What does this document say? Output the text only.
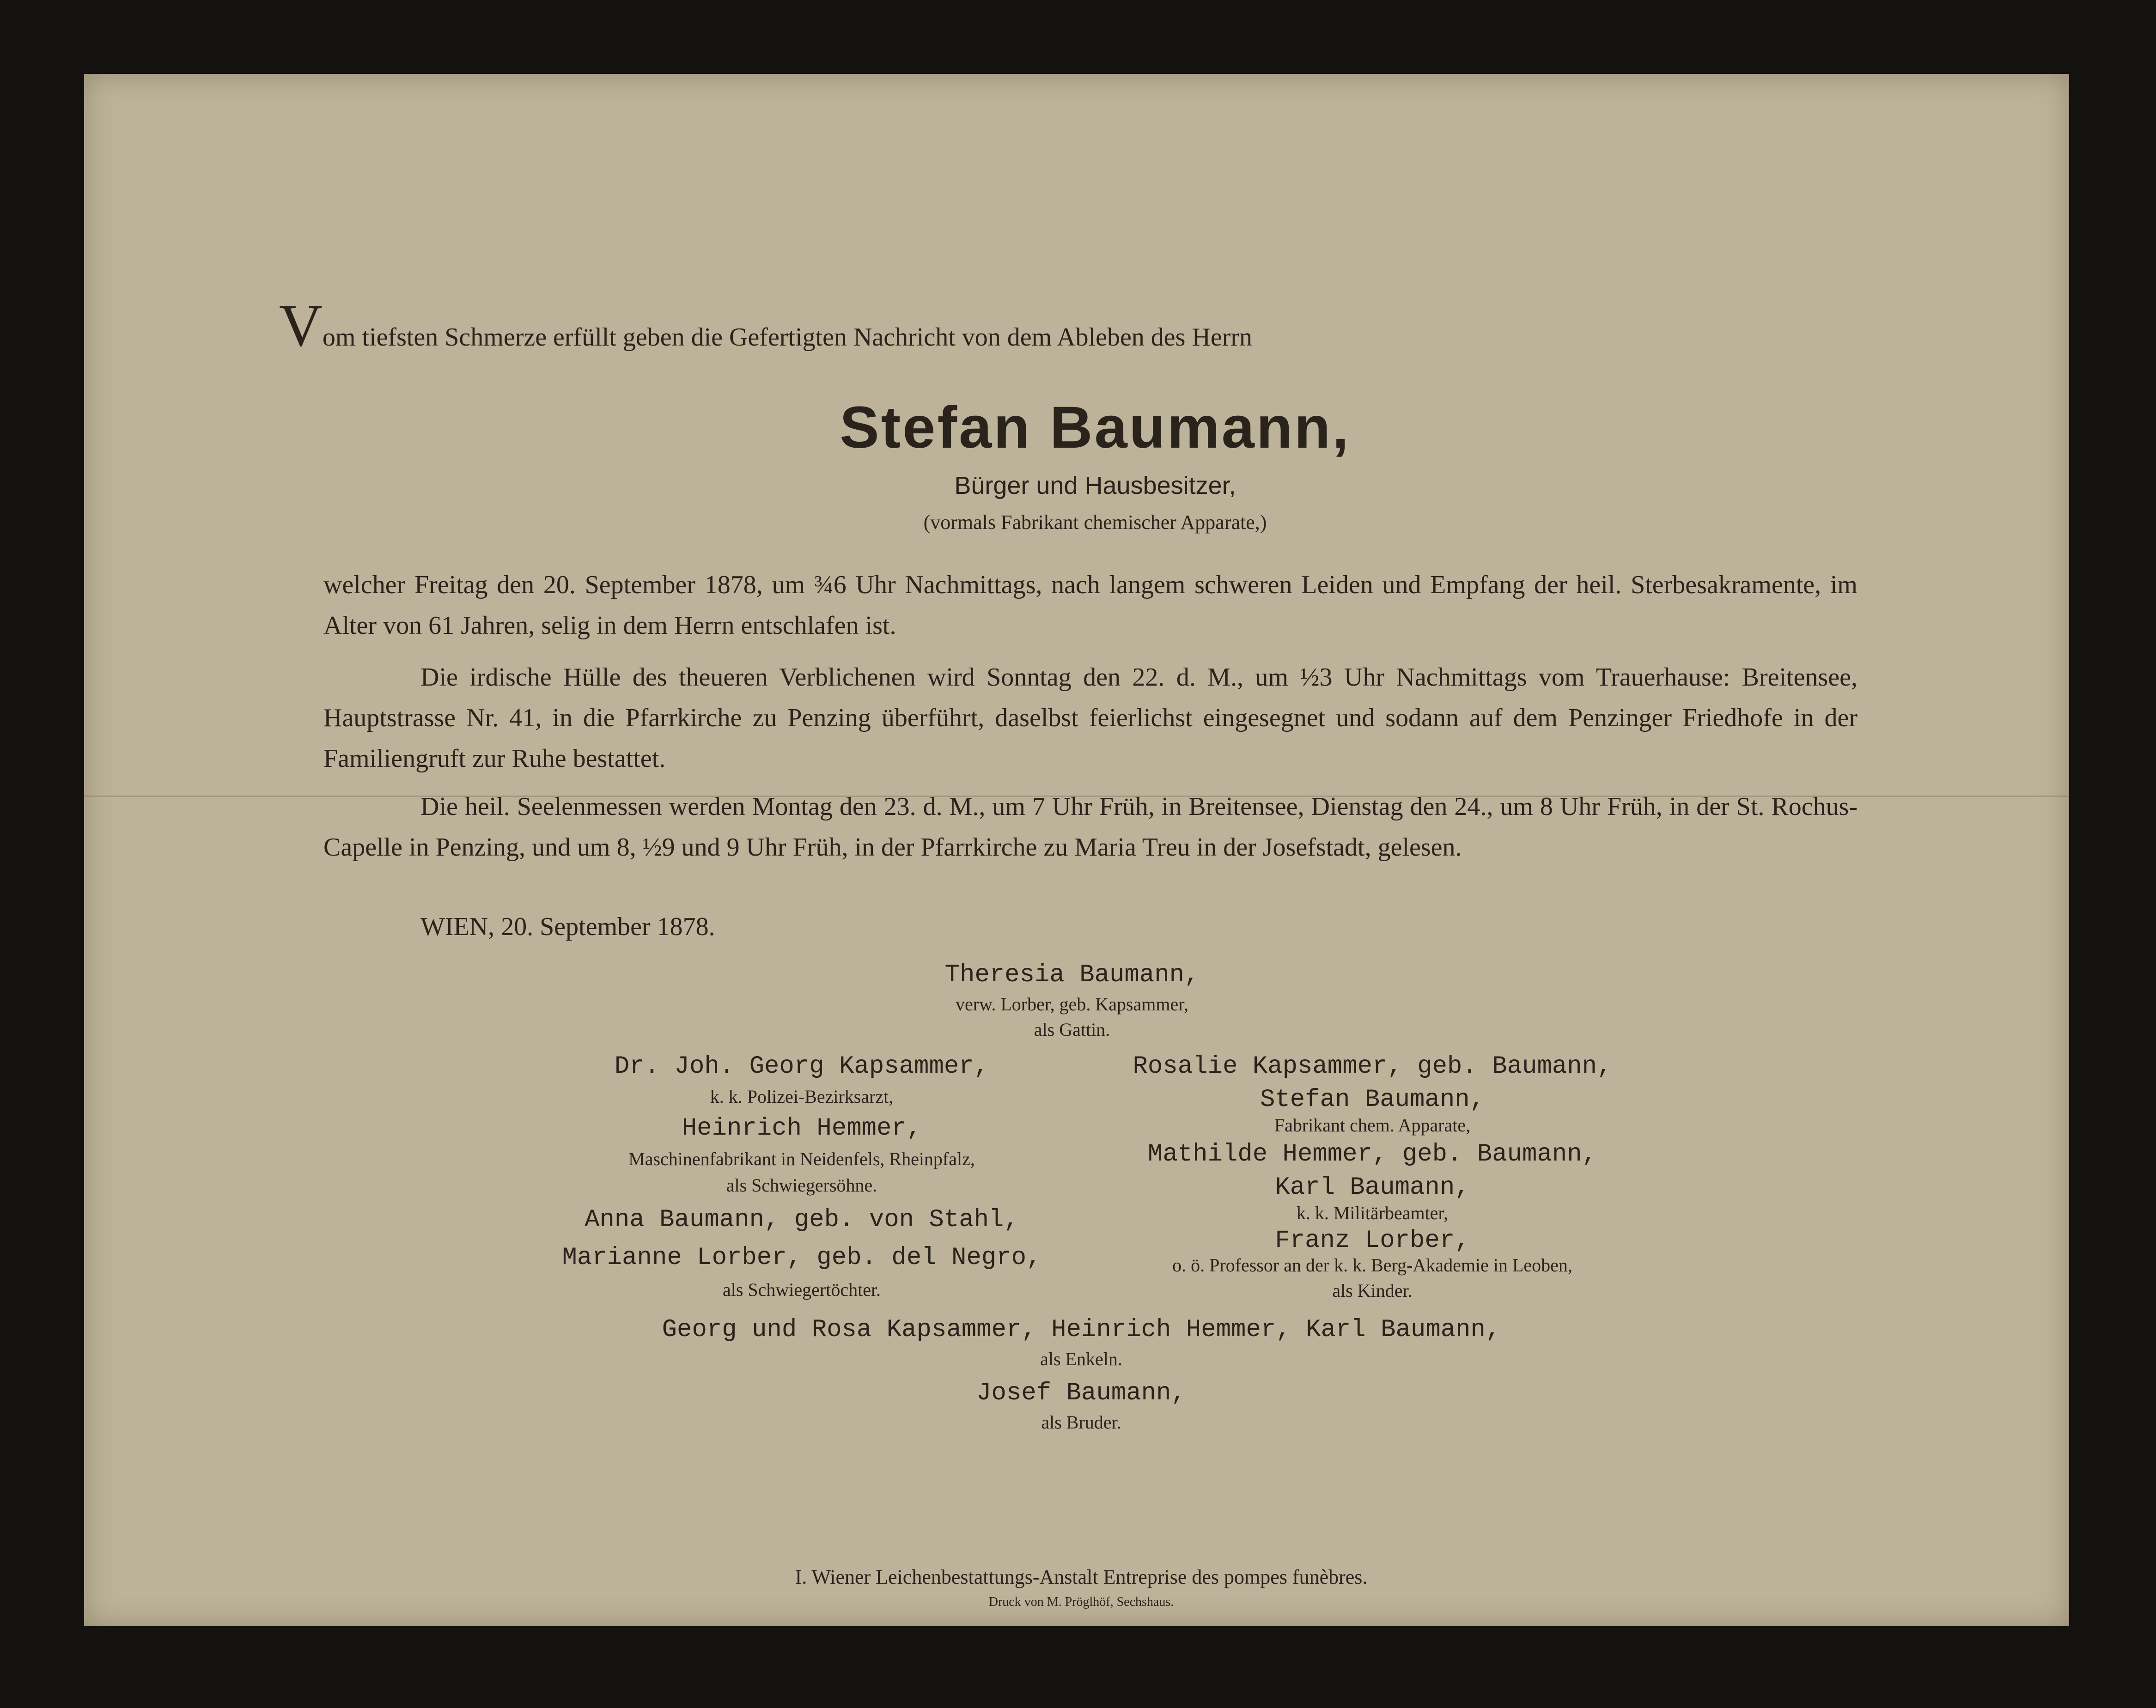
Vom tiefsten Schmerze erfüllt geben die Gefertigten Nachricht von dem Ableben des Herrn
Stefan Baumann,
Bürger und Hausbesitzer,
(vormals Fabrikant chemischer Apparate,)
welcher Freitag den 20. September 1878, um ¾6 Uhr Nachmittags, nach langem schweren Leiden und Empfang der heil. Sterbesakramente, im Alter von 61 Jahren, selig in dem Herrn entschlafen ist.
Die irdische Hülle des theueren Verblichenen wird Sonntag den 22. d. M., um ½3 Uhr Nachmittags vom Trauerhause: Breitensee, Hauptstrasse Nr. 41, in die Pfarrkirche zu Penzing überführt, daselbst feierlichst eingesegnet und sodann auf dem Penzinger Friedhofe in der Familiengruft zur Ruhe bestattet.
Die heil. Seelenmessen werden Montag den 23. d. M., um 7 Uhr Früh, in Breitensee, Dienstag den 24., um 8 Uhr Früh, in der St. Rochus-Capelle in Penzing, und um 8, ½9 und 9 Uhr Früh, in der Pfarrkirche zu Maria Treu in der Josefstadt, gelesen.
WIEN, 20. September 1878.
Theresia Baumann,
verw. Lorber, geb. Kapsammer,
als Gattin.
Dr. Joh. Georg Kapsammer,
k. k. Polizei-Bezirksarzt,
Heinrich Hemmer,
Maschinenfabrikant in Neidenfels, Rheinpfalz,
als Schwiegersöhne.
Anna Baumann, geb. von Stahl,
Marianne Lorber, geb. del Negro,
als Schwiegertöchter.
Rosalie Kapsammer, geb. Baumann,
Stefan Baumann,
Fabrikant chem. Apparate,
Mathilde Hemmer, geb. Baumann,
Karl Baumann,
k. k. Militärbeamter,
Franz Lorber,
o. ö. Professor an der k. k. Berg-Akademie in Leoben,
als Kinder.
Georg und Rosa Kapsammer, Heinrich Hemmer, Karl Baumann,
als Enkeln.
Josef Baumann,
als Bruder.
I. Wiener Leichenbestattungs-Anstalt Entreprise des pompes funèbres.
Druck von M. Pröglhöf, Sechshaus.
